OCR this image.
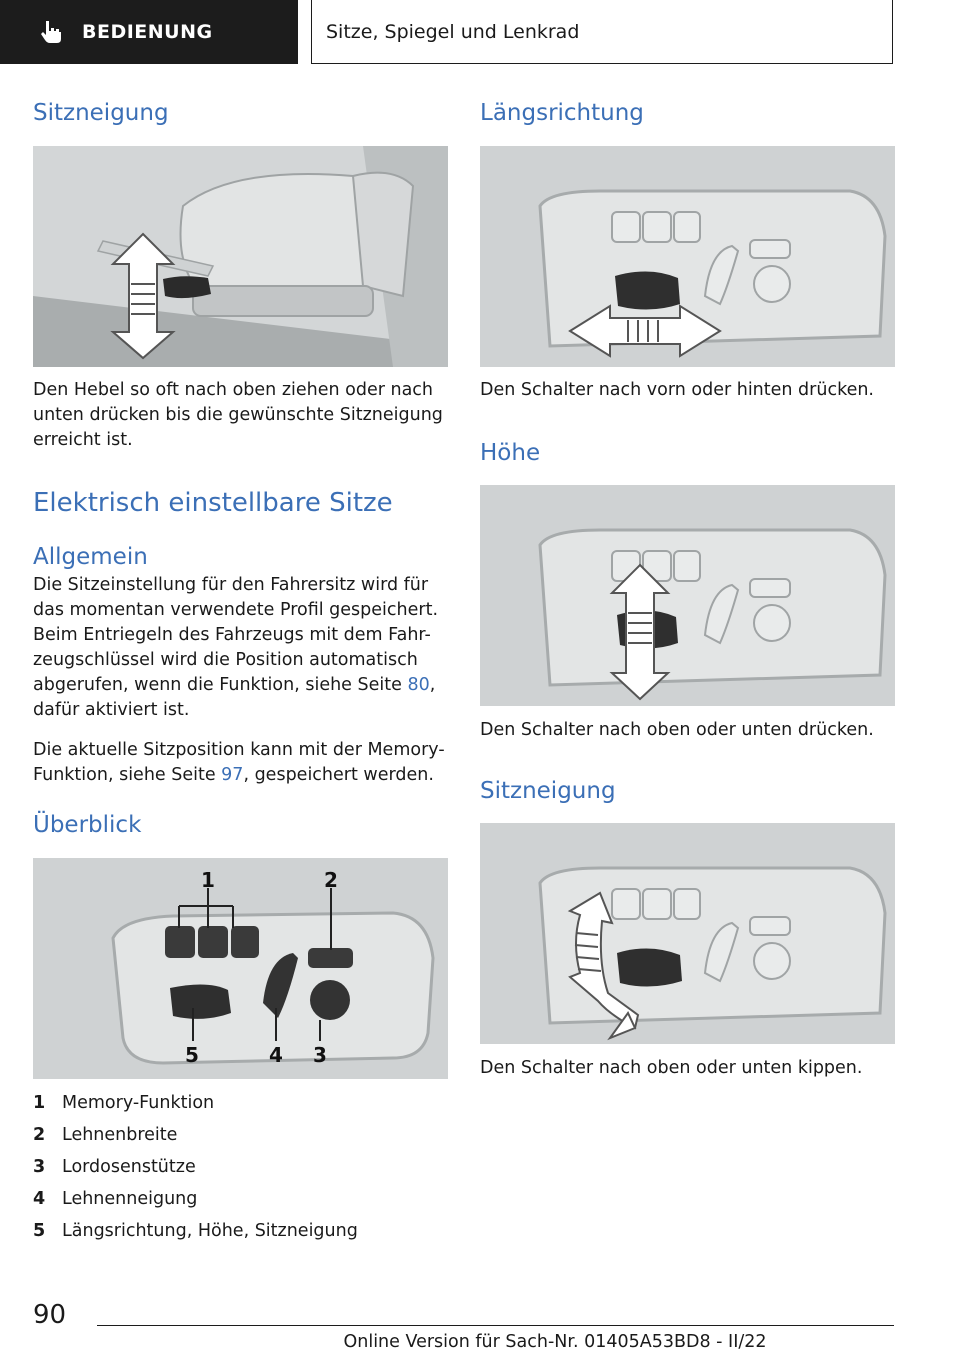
BEDIENUNG	Sitze, Spiegel und Lenkrad
Sitzneigung
Den Hebel so oft nach oben ziehen oder nach unten drücken bis die gewünschte Sitzneigung erreicht ist.
Elektrisch einstellbare Sitze
Allgemein
Die Sitzeinstellung für den Fahrersitz wird für das momentan verwendete Profil gespeichert. Beim Entriegeln des Fahrzeugs mit dem Fahr-zeugschlüssel wird die Position automatisch abgerufen, wenn die Funktion, siehe Seite 80, dafür aktiviert ist.
Die aktuelle Sitzposition kann mit der Memory-Funktion, siehe Seite 97, gespeichert werden.
Überblick
1	2
3
4
5
1 Memory-Funktion
2 Lehnenbreite
3 Lordosenstütze
4 Lehnenneigung
5 Längsrichtung, Höhe, Sitzneigung
Längsrichtung
Den Schalter nach vorn oder hinten drücken.
Höhe
Den Schalter nach oben oder unten drücken.
Sitzneigung
Den Schalter nach oben oder unten kippen.
90
Online Version für Sach-Nr. 01405A53BD8 - II/22
